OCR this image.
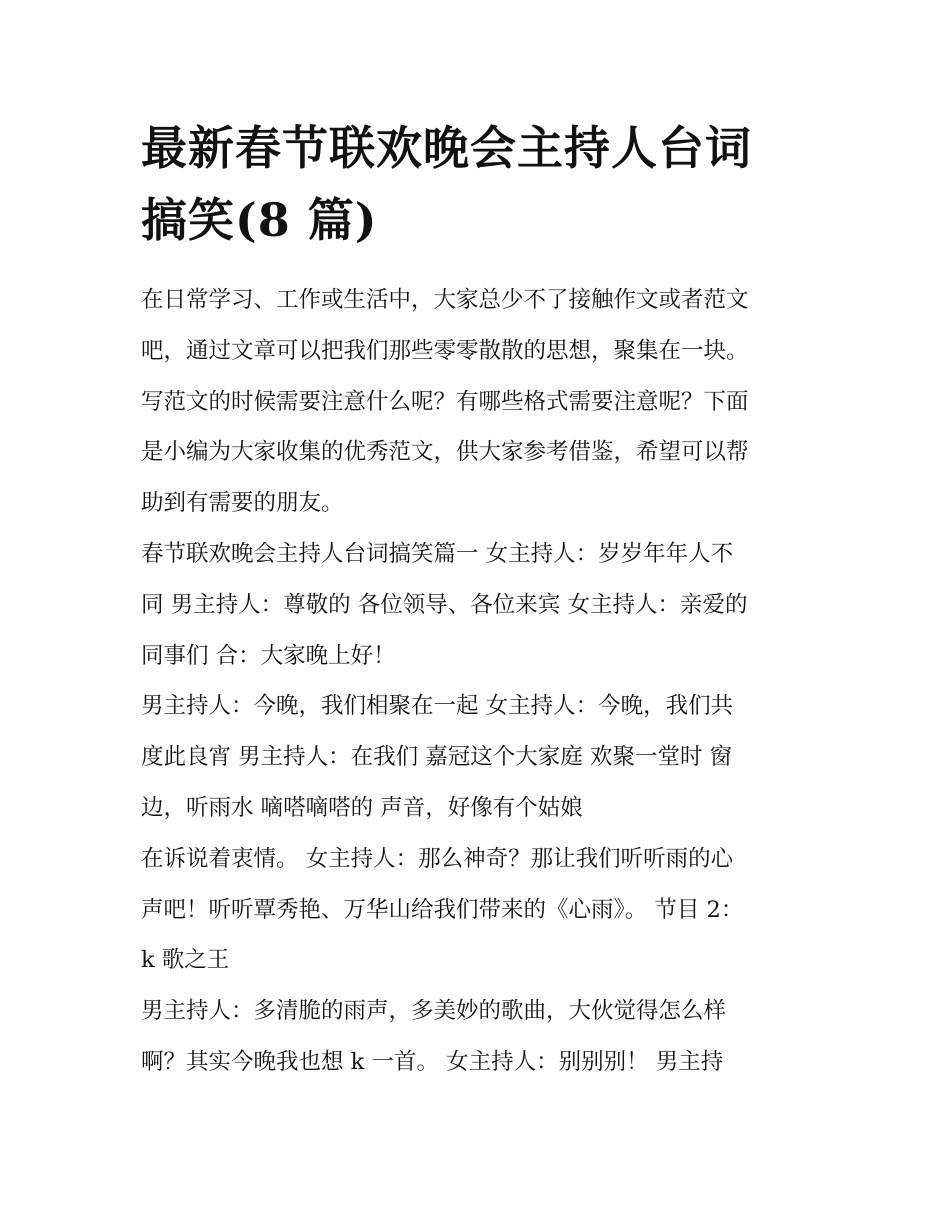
最新春节联欢晚会主持人台词
搞笑(8 篇)
在日常学习、工作或生活中，大家总少不了接触作文或者范文
吧，通过文章可以把我们那些零零散散的思想，聚集在一块。
写范文的时候需要注意什么呢？有哪些格式需要注意呢？下面
是小编为大家收集的优秀范文，供大家参考借鉴，希望可以帮
助到有需要的朋友。
春节联欢晚会主持人台词搞笑篇一 女主持人：岁岁年年人不
同 男主持人：尊敬的 各位领导、各位来宾 女主持人：亲爱的
同事们 合：大家晚上好！
男主持人：今晚，我们相聚在一起 女主持人：今晚，我们共
度此良宵 男主持人：在我们 嘉冠这个大家庭 欢聚一堂时 窗
边，听雨水 嘀嗒嘀嗒的 声音，好像有个姑娘
在诉说着衷情。 女主持人：那么神奇？那让我们听听雨的心
声吧！听听覃秀艳、万华山给我们带来的《心雨》。 节目 2：
k 歌之王
男主持人：多清脆的雨声，多美妙的歌曲，大伙觉得怎么样
啊？其实今晚我也想 k 一首。 女主持人：别别别！ 男主持
